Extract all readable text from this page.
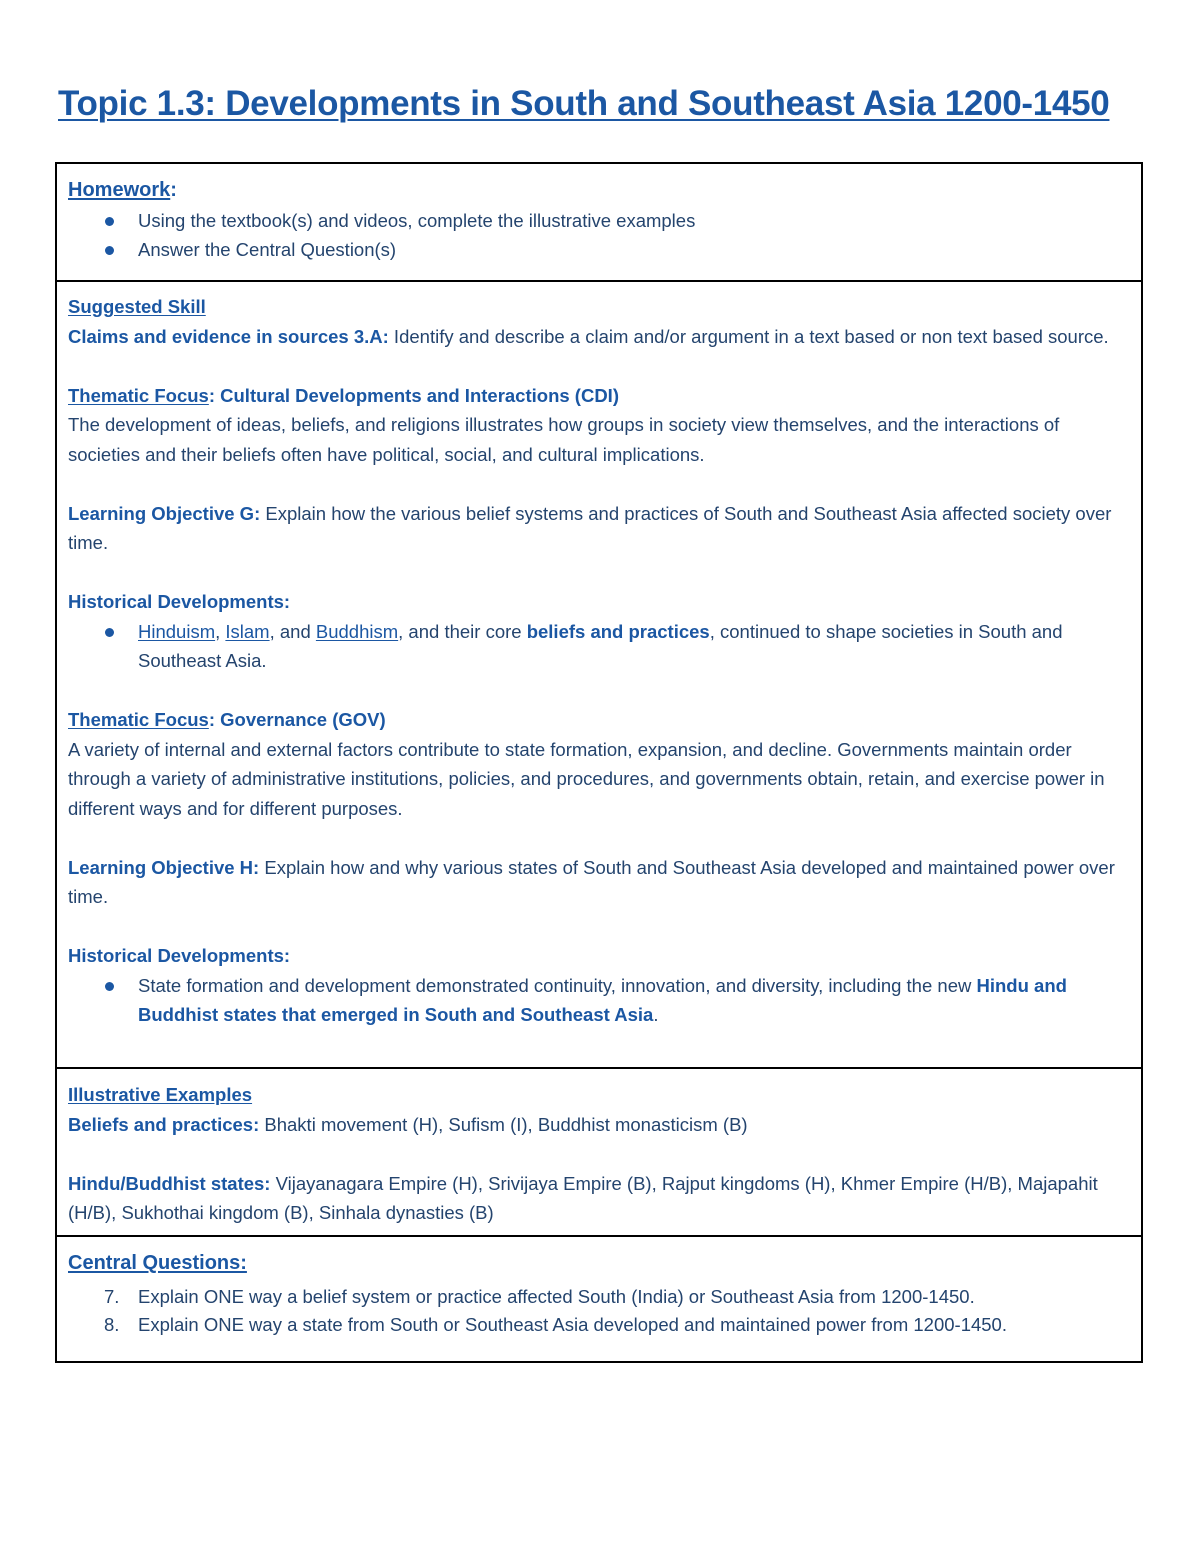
Topic 1.3: Developments in South and Southeast Asia 1200-1450

Homework:

Using the textbook(s) and videos, complete the illustrative examples
Answer the Central Question(s)

Suggested Skill

Claims and evidence in sources 3.A: Identify and describe a claim and/or argument in a text based or non text based source.

Thematic Focus: Cultural Developments and Interactions (CDI)

The development of ideas, beliefs, and religions illustrates how groups in society view themselves, and the interactions of societies and their beliefs often have political, social, and cultural implications.

Learning Objective G: Explain how the various belief systems and practices of South and Southeast Asia affected society over time.

Historical Developments:

Hinduism, Islam, and Buddhism, and their core beliefs and practices, continued to shape societies in South and Southeast Asia.

Thematic Focus: Governance (GOV)

A variety of internal and external factors contribute to state formation, expansion, and decline. Governments maintain order through a variety of administrative institutions, policies, and procedures, and governments obtain, retain, and exercise power in different ways and for different purposes.

Learning Objective H: Explain how and why various states of South and Southeast Asia developed and maintained power over time.

Historical Developments:

State formation and development demonstrated continuity, innovation, and diversity, including the new Hindu and Buddhist states that emerged in South and Southeast Asia.

Illustrative Examples

Beliefs and practices: Bhakti movement (H), Sufism (I), Buddhist monasticism (B)

Hindu/Buddhist states: Vijayanagara Empire (H), Srivijaya Empire (B), Rajput kingdoms (H), Khmer Empire (H/B), Majapahit (H/B), Sukhothai kingdom (B), Sinhala dynasties (B)

Central Questions:

7. Explain ONE way a belief system or practice affected South (India) or Southeast Asia from 1200-1450.
8. Explain ONE way a state from South or Southeast Asia developed and maintained power from 1200-1450.
